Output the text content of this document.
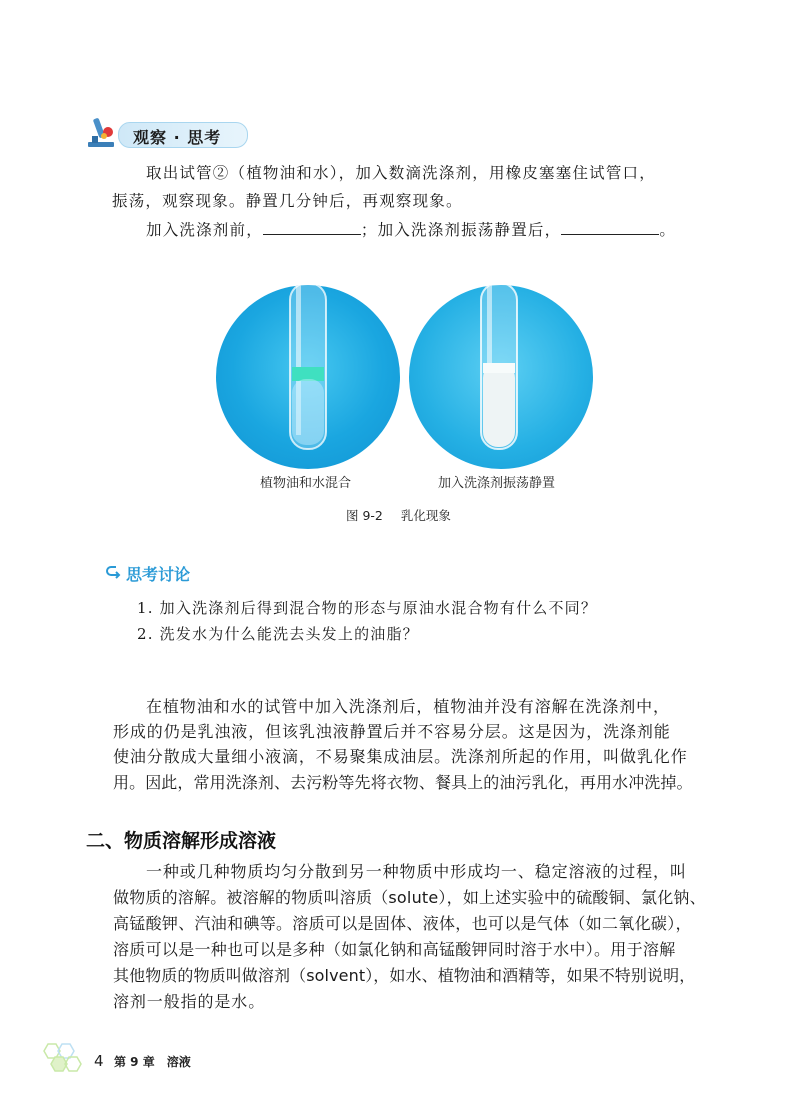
观察 · 思考
取出试管②（植物油和水），加入数滴洗涤剂，用橡皮塞塞住试管口，
振荡，观察现象。静置几分钟后，再观察现象。
加入洗涤剂前，	；加入洗涤剂振荡静置后，	。
植物油和水混合	加入洗涤剂振荡静置
图 9-2 乳化现象
思考讨论
1. 加入洗涤剂后得到混合物的形态与原油水混合物有什么不同？
2. 洗发水为什么能洗去头发上的油脂？
在植物油和水的试管中加入洗涤剂后，植物油并没有溶解在洗涤剂中，
形成的仍是乳浊液，但该乳浊液静置后并不容易分层。这是因为，洗涤剂能
使油分散成大量细小液滴，不易聚集成油层。洗涤剂所起的作用，叫做乳化作
用。因此，常用洗涤剂、去污粉等先将衣物、餐具上的油污乳化，再用水冲洗掉。
二、物质溶解形成溶液
一种或几种物质均匀分散到另一种物质中形成均一、稳定溶液的过程，叫
做物质的溶解。被溶解的物质叫溶质（solute），如上述实验中的硫酸铜、氯化钠、
高锰酸钾、汽油和碘等。溶质可以是固体、液体，也可以是气体（如二氧化碳），
溶质可以是一种也可以是多种（如氯化钠和高锰酸钾同时溶于水中）。用于溶解
其他物质的物质叫做溶剂（solvent），如水、植物油和酒精等，如果不特别说明，
溶剂一般指的是水。
4 第 9 章　溶液
